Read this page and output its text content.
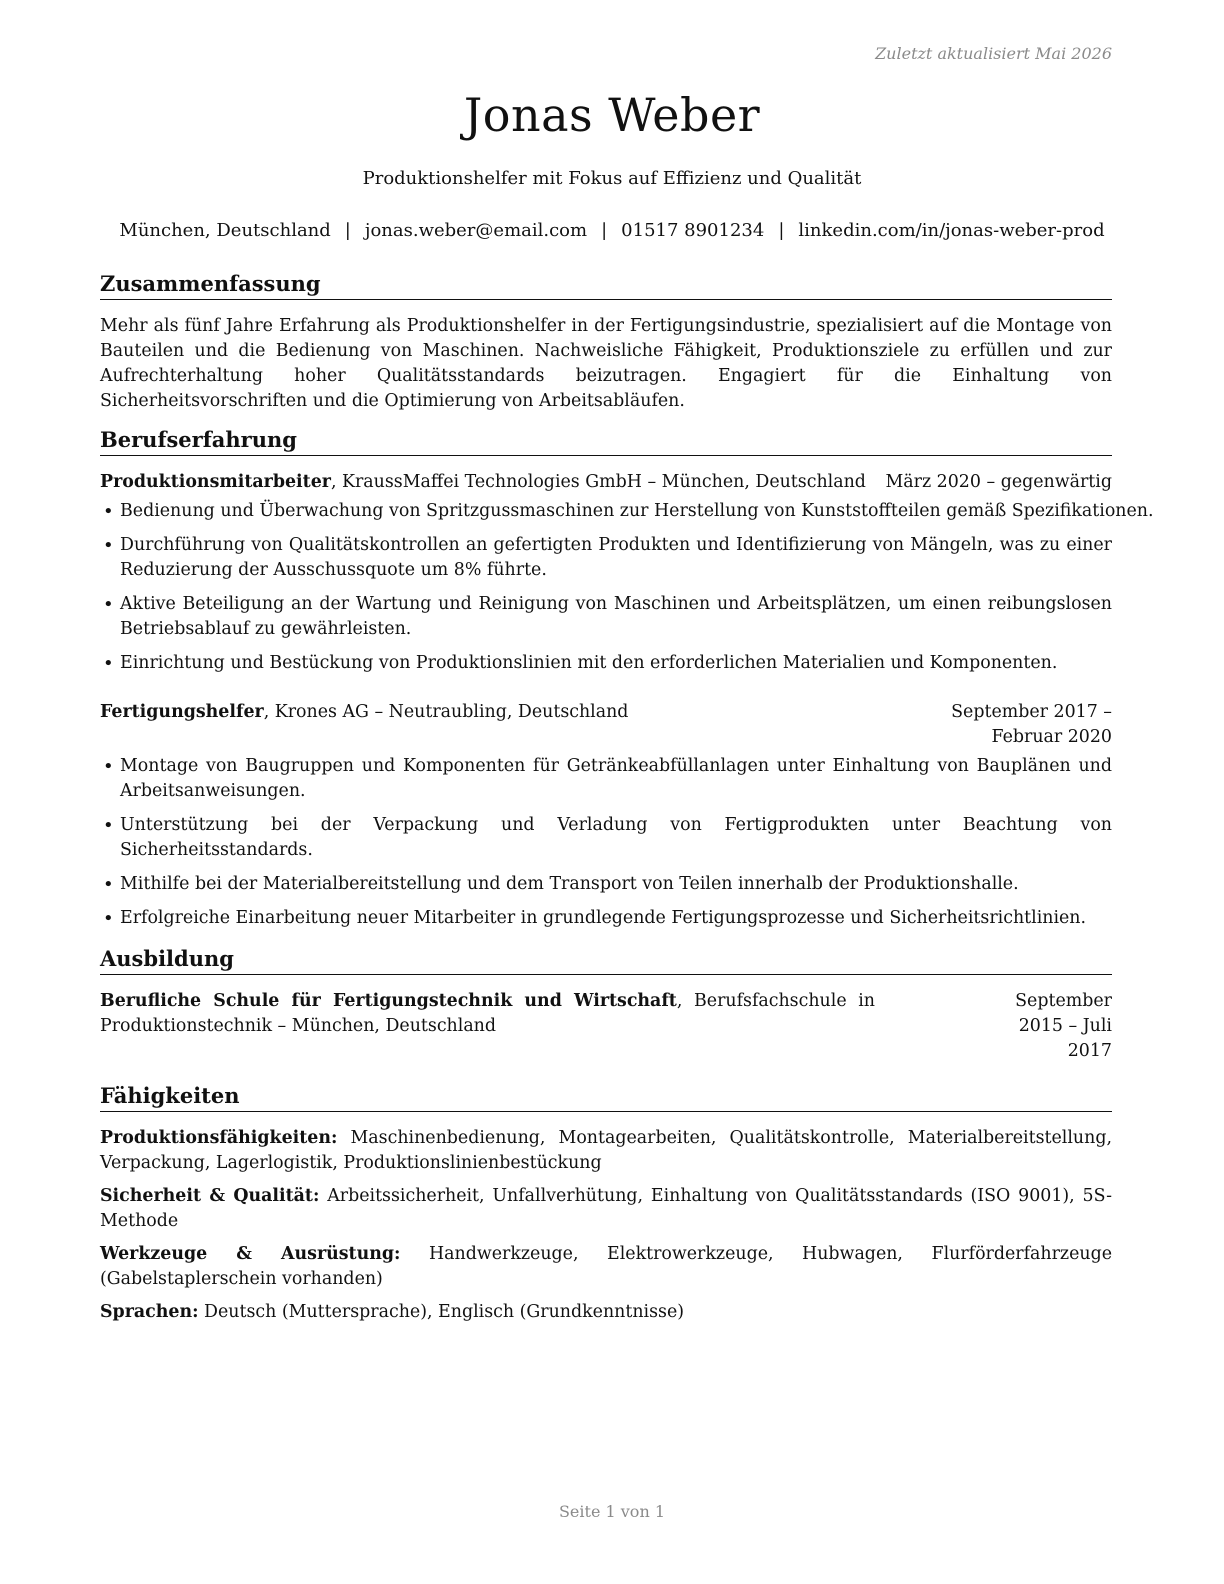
Zuletzt aktualisiert Mai 2026
Jonas Weber
Produktionshelfer mit Fokus auf Effizienz und Qualität
München, Deutschland | jonas.weber@email.com | 01517 8901234 | linkedin.com/in/jonas-weber-prod
Zusammenfassung

Mehr als fünf Jahre Erfahrung als Produktionshelfer in der Fertigungsindustrie, spezialisiert auf die Montage von Bauteilen und die Bedienung von Maschinen. Nachweisliche Fähigkeit, Produktionsziele zu erfüllen und zur Aufrechterhaltung hoher Qualitätsstandards beizutragen. Engagiert für die Einhaltung von Sicherheitsvorschriften und die Optimierung von Arbeitsabläufen.

Berufserfahrung
Produktionsmitarbeiter, KraussMaffei Technologies GmbH – München, Deutschland	März 2020 – gegenwärtig
• Bedienung und Überwachung von Spritzgussmaschinen zur Herstellung von Kunststoffteilen gemäß Spezifikationen.
• Durchführung von Qualitätskontrollen an gefertigten Produkten und Identifizierung von Mängeln, was zu einer Reduzierung der Ausschussquote um 8% führte.
• Aktive Beteiligung an der Wartung und Reinigung von Maschinen und Arbeitsplätzen, um einen reibungslosen Betriebsablauf zu gewährleisten.
• Einrichtung und Bestückung von Produktionslinien mit den erforderlichen Materialien und Komponenten.
Fertigungshelfer, Krones AG – Neutraubling, Deutschland	September 2017 – Februar 2020
• Montage von Baugruppen und Komponenten für Getränkeabfüllanlagen unter Einhaltung von Bauplänen und Arbeitsanweisungen.
• Unterstützung bei der Verpackung und Verladung von Fertigprodukten unter Beachtung von Sicherheitsstandards.
• Mithilfe bei der Materialbereitstellung und dem Transport von Teilen innerhalb der Produktionshalle.
• Erfolgreiche Einarbeitung neuer Mitarbeiter in grundlegende Fertigungsprozesse und Sicherheitsrichtlinien.
Ausbildung
Berufliche Schule für Fertigungstechnik und Wirtschaft, Berufsfachschule in Produktionstechnik – München, Deutschland
September 2015 – Juli 2017
Fähigkeiten
Produktionsfähigkeiten: Maschinenbedienung, Montagearbeiten, Qualitätskontrolle, Materialbereitstellung, Verpackung, Lagerlogistik, Produktionslinienbestückung
Sicherheit & Qualität: Arbeitssicherheit, Unfallverhütung, Einhaltung von Qualitätsstandards (ISO 9001), 5S-Methode
Werkzeuge & Ausrüstung: Handwerkzeuge, Elektrowerkzeuge, Hubwagen, Flurförderfahrzeuge (Gabelstaplerschein vorhanden)
Sprachen: Deutsch (Muttersprache), Englisch (Grundkenntnisse)
Seite 1 von 1
